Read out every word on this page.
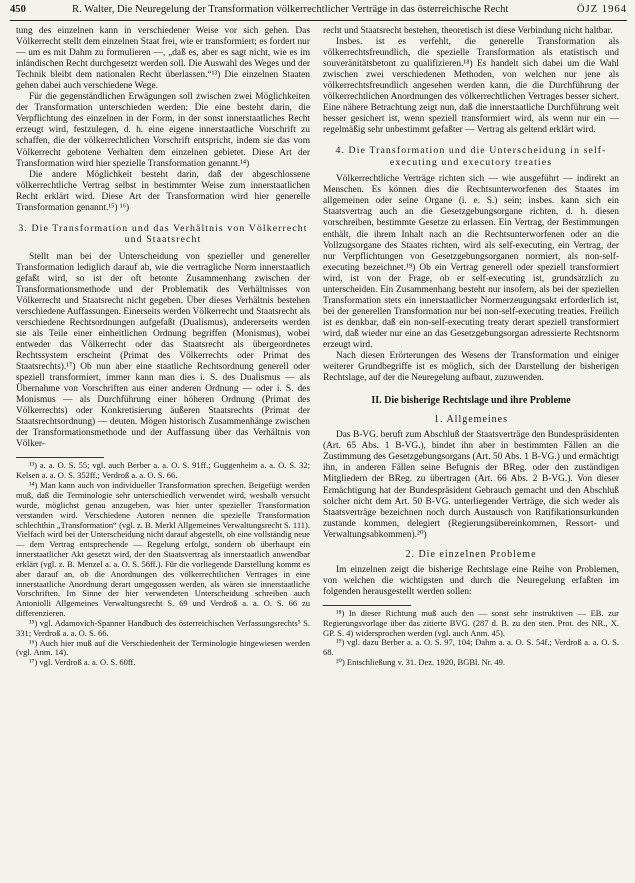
450	R. Walter, Die Neuregelung der Transformation völkerrechtlicher Verträge in das österreichische Recht	ÖJZ 1964

tung des einzelnen kann in verschiedener Weise vor sich gehen. Das Völkerrecht stellt dem einzelnen Staat frei, wie er transformiert; es fordert nur — um es mit Dahm zu formulieren —, „daß es, aber es sagt nicht, wie es im inländischen Recht durchgesetzt werden soll. Die Auswahl des Weges und der Technik bleibt dem nationalen Recht überlassen.“¹³) Die einzelnen Staaten gehen dabei auch verschiedene Wege.

Für die gegenständlichen Erwägungen soll zwischen zwei Möglichkeiten der Transformation unterschieden werden: Die eine besteht darin, die Verpflichtung des einzelnen in der Form, in der sonst innerstaatliches Recht erzeugt wird, festzulegen, d. h. eine eigene innerstaatliche Vorschrift zu schaffen, die der völkerrechtlichen Vorschrift entspricht, indem sie das vom Völkerrecht gebotene Verhalten dem einzelnen gebietet. Diese Art der Transformation wird hier spezielle Transformation genannt.¹⁴)

Die andere Möglichkeit besteht darin, daß der abgeschlossene völkerrechtliche Vertrag selbst in bestimmter Weise zum innerstaatlichen Recht erklärt wird. Diese Art der Transformation wird hier generelle Transformation genannt.¹⁵) ¹⁶)

3. Die Transformation und das Verhältnis von Völkerrecht und Staatsrecht

Stellt man bei der Unterscheidung von spezieller und genereller Transformation lediglich darauf ab, wie die vertragliche Norm innerstaatlich gefaßt wird, so ist der oft betonte Zusammenhang zwischen der Transformationsmethode und der Problematik des Verhältnisses von Völkerrecht und Staatsrecht nicht gegeben. Über dieses Verhältnis bestehen verschiedene Auffassungen. Einerseits werden Völkerrecht und Staatsrecht als verschiedene Rechtsordnungen aufgefaßt (Dualismus), andererseits werden sie als Teile einer einheitlichen Ordnung begriffen (Monismus), wobei entweder das Völkerrecht oder das Staatsrecht als übergeordnetes Rechtssystem erscheint (Primat des Völkerrechts oder Primat des Staatsrechts).¹⁷) Ob nun aber eine staatliche Rechtsordnung generell oder speziell transformiert, immer kann man dies i. S. des Dualismus — als Übernahme von Vorschriften aus einer anderen Ordnung — oder i. S. des Monismus — als Durchführung einer höheren Ordnung (Primat des Völkerrechts) oder Konkretisierung äußeren Staatsrechts (Primat der Staatsrechtsordnung) — deuten. Mögen historisch Zusammenhänge zwischen der Transformationsmethode und der Auffassung über das Verhältnis von Völker-

¹³) a. a. O. S. 55; vgl. auch Berber a. a. O. S. 91ff.; Guggenheim a. a. O. S. 32; Kelsen a. a. O. S. 352ff.; Verdroß a. a. O. S. 66.

¹⁴) Man kann auch von individueller Transformation sprechen. Beigefügt werden muß, daß die Terminologie sehr unterschiedlich verwendet wird, weshalb versucht wurde, möglichst genau anzugeben, was hier unter spezieller Transformation verstanden wird. Verschiedene Autoren nennen die spezielle Transformation schlechthin „Transformation“ (vgl. z. B. Merkl Allgemeines Verwaltungsrecht S. 111). Vielfach wird bei der Unterscheidung nicht darauf abgestellt, ob eine vollständig neue — dem Vertrag entsprechende — Regelung erfolgt, sondern ob überhaupt ein innerstaatlicher Akt gesetzt wird, der den Staatsvertrag als innerstaatlich anwendbar erklärt (vgl. z. B. Menzel a. a. O. S. 56ff.). Für die vorliegende Darstellung kommt es aber darauf an, ob die Anordnungen des völkerrechtlichen Vertrages in eine innerstaatliche Anordnung derart umgegossen werden, als wären sie innerstaatliche Vorschriften. Im Sinne der hier verwendeten Unterscheidung schreiben auch Antoniolli Allgemeines Verwaltungsrecht S. 69 und Verdroß a. a. O. S. 66 zu differenzieren.

¹⁵) vgl. Adamovich-Spanner Handbuch des österreichischen Verfassungsrechts⁵ S. 331; Verdroß a. a. O. S. 66.

¹⁶) Auch hier muß auf die Verschiedenheit der Terminologie hingewiesen werden (vgl. Anm. 14).

¹⁷) vgl. Verdroß a. a. O. S. 60ff.

recht und Staatsrecht bestehen, theoretisch ist diese Verbindung nicht haltbar.

Insbes. ist es verfehlt, die generelle Transformation als völkerrechtsfreundlich, die spezielle Transformation als etatistisch und souveränitätsbetont zu qualifizieren.¹⁸) Es handelt sich dabei um die Wahl zwischen zwei verschiedenen Methoden, von welchen nur jene als völkerrechtsfreundlich angesehen werden kann, die die Durchführung der völkerrechtlichen Anordnungen des völkerrechtlichen Vertrages besser sichert. Eine nähere Betrachtung zeigt nun, daß die innerstaatliche Durchführung weit besser gesichert ist, wenn speziell transformiert wird, als wenn nur ein — regelmäßig sehr unbestimmt gefaßter — Vertrag als geltend erklärt wird.

4. Die Transformation und die Unterscheidung in self-executing und executory treaties

Völkerrechtliche Verträge richten sich — wie ausgeführt — indirekt an Menschen. Es können dies die Rechtsunterworfenen des Staates im allgemeinen oder seine Organe (i. e. S.) sein; insbes. kann sich ein Staatsvertrag auch an die Gesetzgebungsorgane richten, d. h. diesen vorschreiben, bestimmte Gesetze zu erlassen. Ein Vertrag, der Bestimmungen enthält, die ihrem Inhalt nach an die Rechtsunterworfenen oder an die Vollzugsorgane des Staates richten, wird als self-executing, ein Vertrag, der nur Verpflichtungen von Gesetzgebungsorganen normiert, als non-self-executing bezeichnet.¹⁹) Ob ein Vertrag generell oder speziell transformiert wird, ist von der Frage, ob er self-executing ist, grundsätzlich zu unterscheiden. Ein Zusammenhang besteht nur insofern, als bei der speziellen Transformation stets ein innerstaatlicher Normerzeugungsakt erforderlich ist, bei der generellen Transformation nur bei non-self-executing treaties. Freilich ist es denkbar, daß ein non-self-executing treaty derart speziell transformiert wird, daß wieder nur eine an das Gesetzgebungsorgan adressierte Rechtsnorm erzeugt wird.

Nach diesen Erörterungen des Wesens der Transformation und einiger weiterer Grundbegriffe ist es möglich, sich der Darstellung der bisherigen Rechtslage, auf der die Neuregelung aufbaut, zuzuwenden.

II. Die bisherige Rechtslage und ihre Probleme
1. Allgemeines

Das B-VG. beruft zum Abschluß der Staatsverträge den Bundespräsidenten (Art. 65 Abs. 1 B-VG.), bindet ihn aber in bestimmten Fällen an die Zustimmung des Gesetzgebungsorgans (Art. 50 Abs. 1 B-VG.) und ermächtigt ihn, in anderen Fällen seine Befugnis der BReg. oder den zuständigen Mitgliedern der BReg. zu übertragen (Art. 66 Abs. 2 B-VG.). Von dieser Ermächtigung hat der Bundespräsident Gebrauch gemacht und den Abschluß solcher nicht dem Art. 50 B-VG. unterliegender Verträge, die sich weder als Staatsverträge bezeichnen noch durch Austausch von Ratifikationsurkunden zustande kommen, delegiert (Regierungsübereinkommen, Ressort- und Verwaltungsabkommen).²⁰)

2. Die einzelnen Probleme

Im einzelnen zeigt die bisherige Rechtslage eine Reihe von Problemen, von welchen die wichtigsten und durch die Neuregelung erfaßten im folgenden herausgestellt werden sollen:

¹⁸) In dieser Richtung muß auch den — sonst sehr instruktiven — EB. zur Regierungsvorlage über das zitierte BVG. (287 d. B. zu den sten. Prot. des NR., X. GP. S. 4) widersprochen werden (vgl. auch Anm. 45).

¹⁹) vgl. dazu Berber a. a. O. S. 97, 104; Dahm a. a. O. S. 54f.; Verdroß a. a. O. S. 68.

²⁰) Entschließung v. 31. Dez. 1920, BGBl. Nr. 49.
